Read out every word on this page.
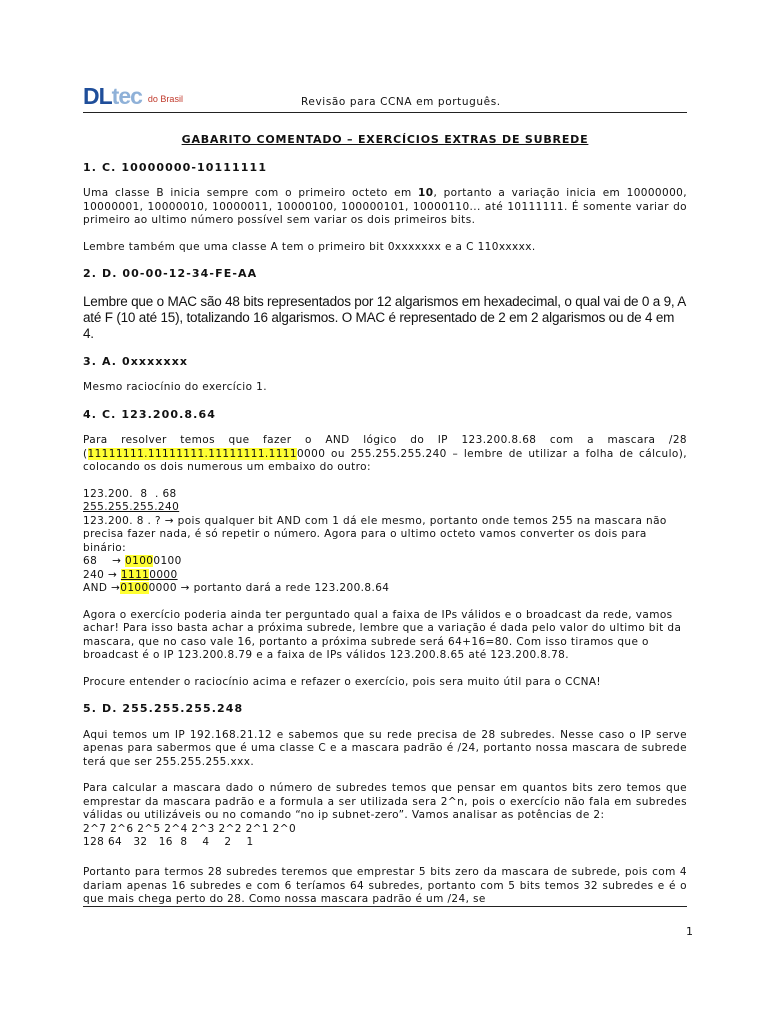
DL tec do Brasil	Revisão para CCNA em português.
GABARITO COMENTADO – EXERCÍCIOS EXTRAS DE SUBREDE
1. C. 10000000-10111111

Uma classe B inicia sempre com o primeiro octeto em 10, portanto a variação inicia em 10000000, 10000001, 10000010, 10000011, 10000100, 100000101, 10000110... até 10111111. É somente variar do primeiro ao ultimo número possível sem variar os dois primeiros bits.

Lembre também que uma classe A tem o primeiro bit 0xxxxxxx e a C 110xxxxx.

2. D. 00-00-12-34-FE-AA

Lembre que o MAC são 48 bits representados por 12 algarismos em hexadecimal, o qual vai de 0 a 9, A até F (10 até 15), totalizando 16 algarismos. O MAC é representado de 2 em 2 algarismos ou de 4 em 4.

3. A. 0xxxxxxx

Mesmo raciocínio do exercício 1.

4. C. 123.200.8.64

Para resolver temos que fazer o AND lógico do IP 123.200.8.68 com a mascara /28 (11111111.11111111.11111111.11110000 ou 255.255.255.240 – lembre de utilizar a folha de cálculo), colocando os dois numerous um embaixo do outro:

123.200.  8  . 68
255.255.255.240
123.200. 8 . ? → pois qualquer bit AND com 1 dá ele mesmo, portanto onde temos 255 na mascara não precisa fazer nada, é só repetir o número. Agora para o ultimo octeto vamos converter os dois para binário:
68    → 01000100
240 → 11110000
AND →01000000 → portanto dará a rede 123.200.8.64

Agora o exercício poderia ainda ter perguntado qual a faixa de IPs válidos e o broadcast da rede, vamos achar! Para isso basta achar a próxima subrede, lembre que a variação é dada pelo valor do ultimo bit da mascara, que no caso vale 16, portanto a próxima subrede será 64+16=80. Com isso tiramos que o broadcast é o IP 123.200.8.79 e a faixa de IPs válidos 123.200.8.65 até 123.200.8.78.

Procure entender o raciocínio acima e refazer o exercício, pois sera muito útil para o CCNA!

5. D. 255.255.255.248

Aqui temos um IP 192.168.21.12 e sabemos que su rede precisa de 28 subredes. Nesse caso o IP serve apenas para sabermos que é uma classe C e a mascara padrão é /24, portanto nossa mascara de subrede terá que ser 255.255.255.xxx.

Para calcular a mascara dado o número de subredes temos que pensar em quantos bits zero temos que emprestar da mascara padrão e a formula a ser utilizada sera 2^n, pois o exercício não fala em subredes válidas ou utilizáveis ou no comando “no ip subnet-zero”. Vamos analisar as potências de 2:

2^7 2^6 2^5 2^4 2^3 2^2 2^1 2^0
128 64   32   16  8    4    2    1

Portanto para termos 28 subredes teremos que emprestar 5 bits zero da mascara de subrede, pois com 4 dariam apenas 16 subredes e com 6 teríamos 64 subredes, portanto com 5 bits temos 32 subredes e é o que mais chega perto do 28. Como nossa mascara padrão é um /24, se

1
